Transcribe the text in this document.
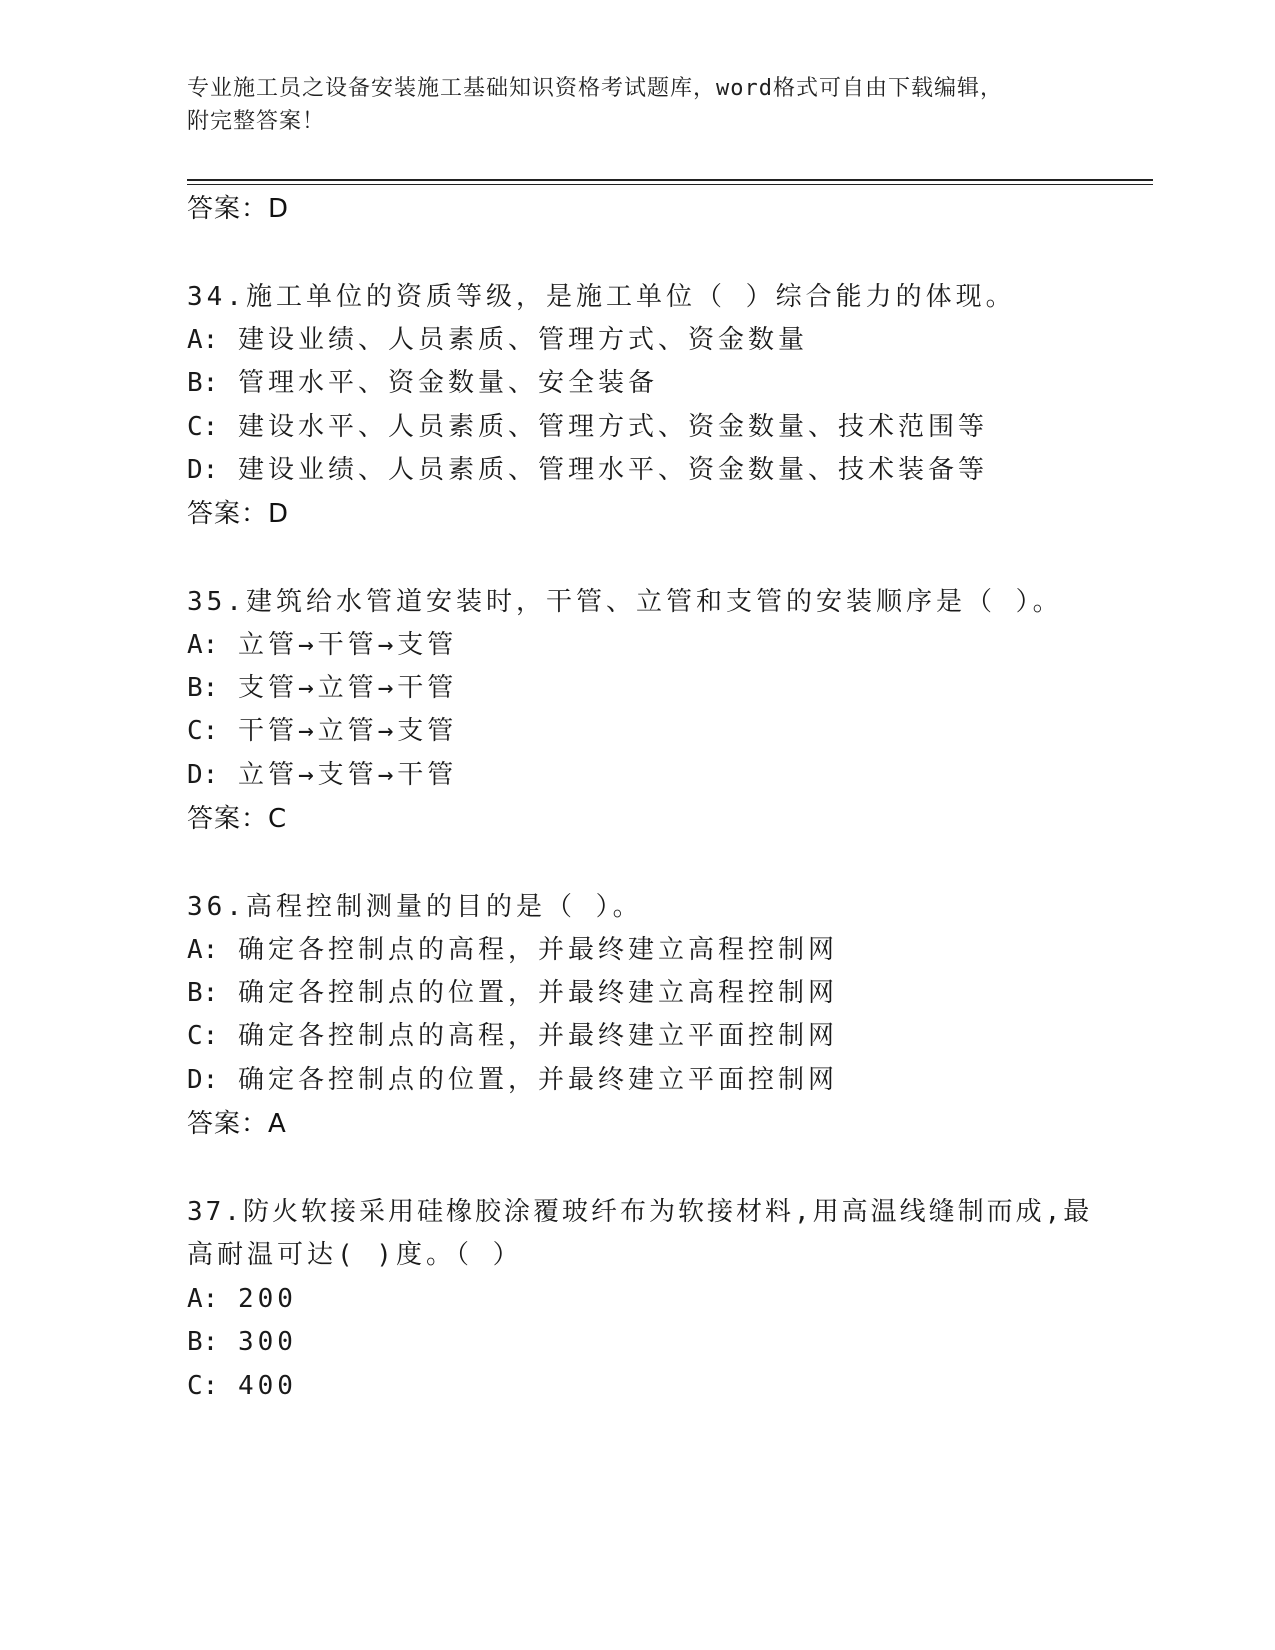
专业施工员之设备安装施工基础知识资格考试题库，word格式可自由下载编辑，
附完整答案！
答案：D
34.施工单位的资质等级，是施工单位（ ）综合能力的体现。
A: 建设业绩、人员素质、管理方式、资金数量
B: 管理水平、资金数量、安全装备
C: 建设水平、人员素质、管理方式、资金数量、技术范围等
D: 建设业绩、人员素质、管理水平、资金数量、技术装备等
答案：D
35.建筑给水管道安装时，干管、立管和支管的安装顺序是（ ）。
A: 立管→干管→支管
B: 支管→立管→干管
C: 干管→立管→支管
D: 立管→支管→干管
答案：C
36.高程控制测量的目的是（ ）。
A: 确定各控制点的高程，并最终建立高程控制网
B: 确定各控制点的位置，并最终建立高程控制网
C: 确定各控制点的高程，并最终建立平面控制网
D: 确定各控制点的位置，并最终建立平面控制网
答案：A
37.防火软接采用硅橡胶涂覆玻纤布为软接材料,用高温线缝制而成,最
高耐温可达( )度。（ ）
A: 200
B: 300
C: 400
